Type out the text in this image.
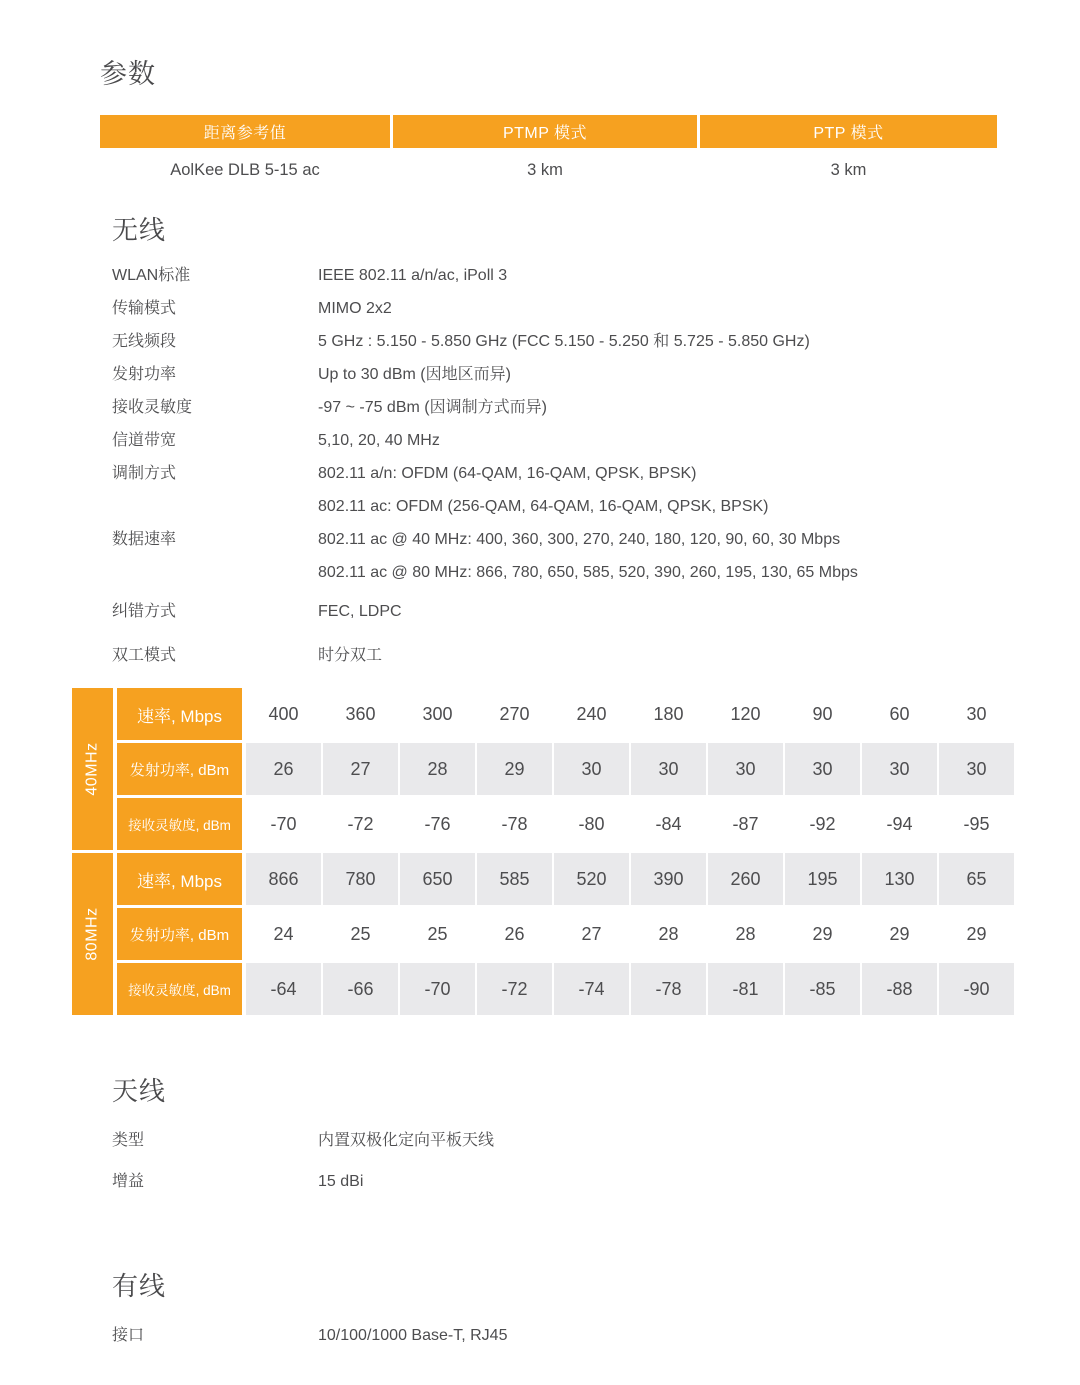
参数
距离参考值	PTMP 模式	PTP 模式
AolKee DLB 5-15 ac	3 km	3 km
无线
WLAN标准	IEEE 802.11 a/n/ac, iPoll 3
传输模式	MIMO 2x2
无线频段	5 GHz : 5.150 - 5.850 GHz (FCC 5.150 - 5.250 和 5.725 - 5.850 GHz)
发射功率	Up to 30 dBm (因地区而异)
接收灵敏度	-97 ~ -75 dBm (因调制方式而异)
信道带宽	5,10, 20, 40 MHz
调制方式	802.11 a/n: OFDM (64-QAM, 16-QAM, QPSK, BPSK)
802.11 ac: OFDM (256-QAM, 64-QAM, 16-QAM, QPSK, BPSK)
数据速率	802.11 ac @ 40 MHz: 400, 360, 300, 270, 240, 180, 120, 90, 60, 30 Mbps
802.11 ac @ 80 MHz: 866, 780, 650, 585, 520, 390, 260, 195, 130, 65 Mbps
纠错方式	FEC, LDPC
双工模式	时分双工
40MHz
速率, Mbps	400	360	300	270	240	180	120	90	60	30
发射功率, dBm	26	27	28	29	30	30	30	30	30	30
接收灵敏度, dBm	-70	-72	-76	-78	-80	-84	-87	-92	-94	-95
80MHz
速率, Mbps	866	780	650	585	520	390	260	195	130	65
发射功率, dBm	24	25	25	26	27	28	28	29	29	29
接收灵敏度, dBm	-64	-66	-70	-72	-74	-78	-81	-85	-88	-90
天线
类型	内置双极化定向平板天线
增益	15 dBi
有线
接口	10/100/1000 Base-T, RJ45
